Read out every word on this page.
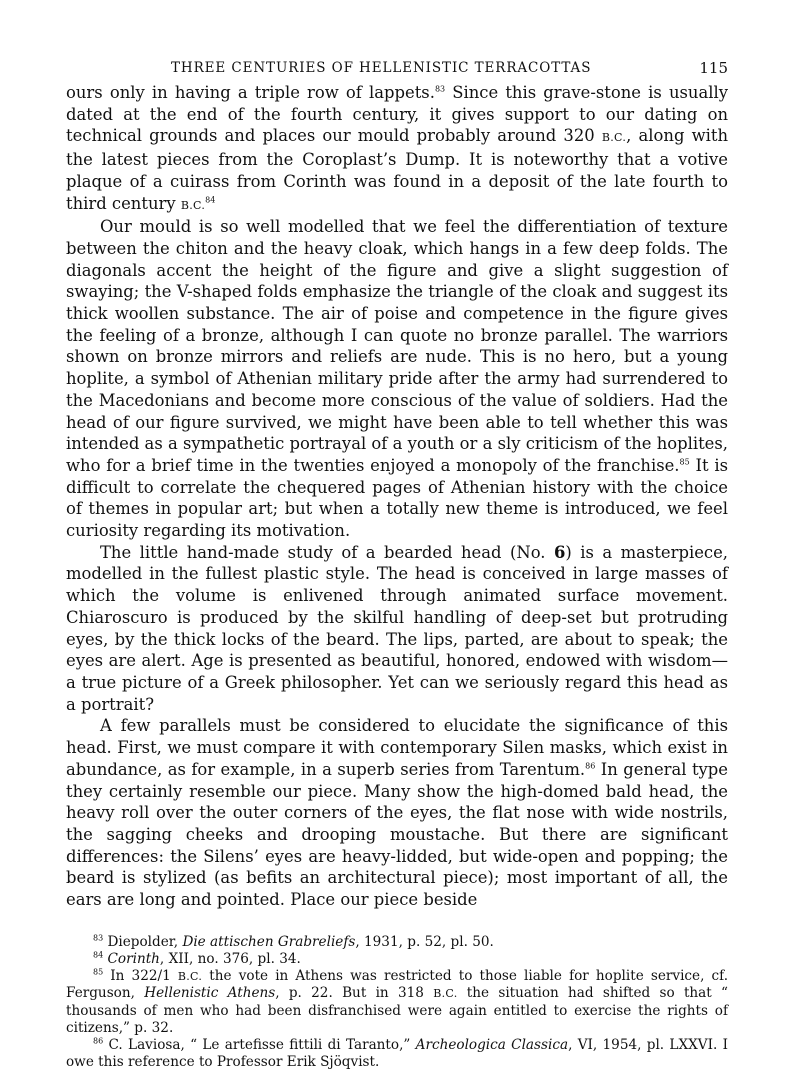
THREE CENTURIES OF HELLENISTIC TERRACOTTAS	115

ours only in having a triple row of lappets.$^{83}$ Since this grave-stone is usually dated at the end of the fourth century, it gives support to our dating on technical grounds and places our mould probably around 320 B.C., along with the latest pieces from the Coroplast’s Dump. It is noteworthy that a votive plaque of a cuirass from Corinth was found in a deposit of the late fourth to third century B.C.$^{84}$

Our mould is so well modelled that we feel the differentiation of texture between the chiton and the heavy cloak, which hangs in a few deep folds. The diagonals accent the height of the figure and give a slight suggestion of swaying; the V-shaped folds emphasize the triangle of the cloak and suggest its thick woollen substance. The air of poise and competence in the figure gives the feeling of a bronze, although I can quote no bronze parallel. The warriors shown on bronze mirrors and reliefs are nude. This is no hero, but a young hoplite, a symbol of Athenian military pride after the army had surrendered to the Macedonians and become more conscious of the value of soldiers. Had the head of our figure survived, we might have been able to tell whether this was intended as a sympathetic portrayal of a youth or a sly criticism of the hoplites, who for a brief time in the twenties enjoyed a monopoly of the franchise.$^{85}$ It is difficult to correlate the chequered pages of Athenian history with the choice of themes in popular art; but when a totally new theme is introduced, we feel curiosity regarding its motivation.

The little hand-made study of a bearded head (No. 6) is a masterpiece, modelled in the fullest plastic style. The head is conceived in large masses of which the volume is enlivened through animated surface movement. Chiaroscuro is produced by the skilful handling of deep-set but protruding eyes, by the thick locks of the beard. The lips, parted, are about to speak; the eyes are alert. Age is presented as beautiful, honored, endowed with wisdom—a true picture of a Greek philosopher. Yet can we seriously regard this head as a portrait?

A few parallels must be considered to elucidate the significance of this head. First, we must compare it with contemporary Silen masks, which exist in abundance, as for example, in a superb series from Tarentum.$^{86}$ In general type they certainly resemble our piece. Many show the high-domed bald head, the heavy roll over the outer corners of the eyes, the flat nose with wide nostrils, the sagging cheeks and drooping moustache. But there are significant differences: the Silens’ eyes are heavy-lidded, but wide-open and popping; the beard is stylized (as befits an architectural piece); most important of all, the ears are long and pointed. Place our piece beside

$^{83}$ Diepolder, Die attischen Grabreliefs, 1931, p. 52, pl. 50.
$^{84}$ Corinth, XII, no. 376, pl. 34.
$^{85}$ In 322/1 B.C. the vote in Athens was restricted to those liable for hoplite service, cf. Ferguson, Hellenistic Athens, p. 22. But in 318 B.C. the situation had shifted so that “ thousands of men who had been disfranchised were again entitled to exercise the rights of citizens,” p. 32.
$^{86}$ C. Laviosa, “ Le artefisse fittili di Taranto,” Archeologica Classica, VI, 1954, pl. LXXVI. I owe this reference to Professor Erik Sjöqvist.
